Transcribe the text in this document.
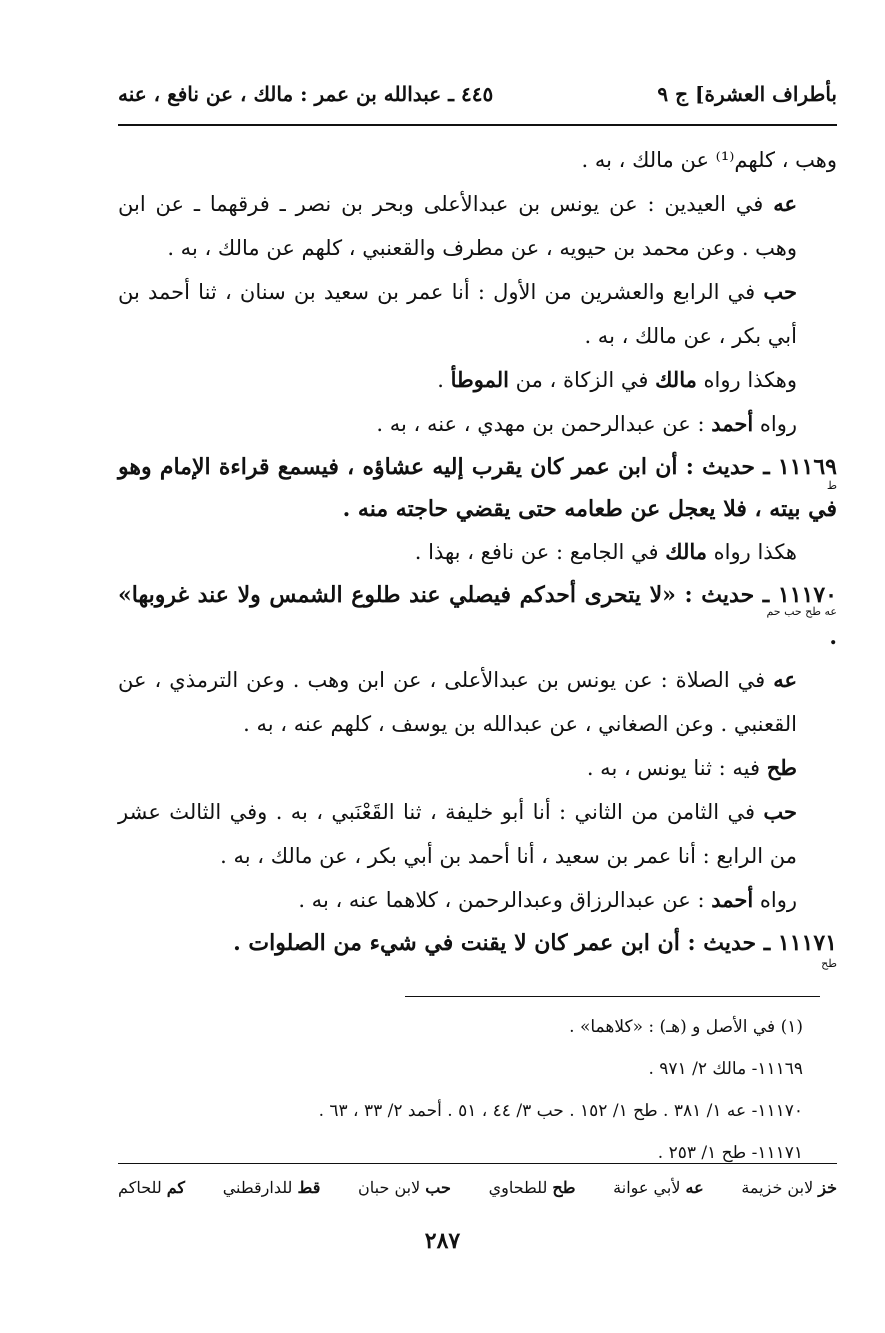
بأطراف العشرة] ج ٩
٤٤٥ ـ عبدالله بن عمر : مالك ، عن نافع ، عنه

وهب ، كلهم⁽¹⁾ عن مالك ، به .

عه في العيدين : عن يونس بن عبدالأعلى وبحر بن نصر ـ فرقهما ـ عن ابن وهب . وعن محمد بن حيويه ، عن مطرف والقعنبي ، كلهم عن مالك ، به .

حب في الرابع والعشرين من الأول : أنا عمر بن سعيد بن سنان ، ثنا أحمد بن أبي بكر ، عن مالك ، به .

وهكذا رواه مالك في الزكاة ، من الموطأ .

رواه أحمد : عن عبدالرحمن بن مهدي ، عنه ، به .

١١١٦٩ ـ حديث : أن ابن عمر كان يقرب إليه عشاؤه ، فيسمع قراءة الإمام وهو في بيته ، فلا يعجل عن طعامه حتى يقضي حاجته منه .

ط

هكذا رواه مالك في الجامع : عن نافع ، بهذا .

١١١٧٠ ـ حديث : «لا يتحرى أحدكم فيصلي عند طلوع الشمس ولا عند غروبها» .

عه طح حب حم

عه في الصلاة : عن يونس بن عبدالأعلى ، عن ابن وهب . وعن الترمذي ، عن القعنبي . وعن الصغاني ، عن عبدالله بن يوسف ، كلهم عنه ، به .

طح فيه : ثنا يونس ، به .

حب في الثامن من الثاني : أنا أبو خليفة ، ثنا القَعْنَبي ، به . وفي الثالث عشر من الرابع : أنا عمر بن سعيد ، أنا أحمد بن أبي بكر ، عن مالك ، به .

رواه أحمد : عن عبدالرزاق وعبدالرحمن ، كلاهما عنه ، به .

١١١٧١ ـ حديث : أن ابن عمر كان لا يقنت في شيء من الصلوات .

طح

(١) في الأصل و (هـ) : «كلاهما» .

١١١٦٩- مالك ٢/ ٩٧١ .

١١١٧٠- عه ١/ ٣٨١ . طح ١/ ١٥٢ . حب ٣/ ٤٤ ، ٥١ . أحمد ٢/ ٣٣ ، ٦٣ .

١١١٧١- طح ١/ ٢٥٣ .

خز لابن خزيمة
عه لأبي عوانة
طح للطحاوي
حب لابن حبان
قط للدارقطني
كم للحاكم
٢٨٧
